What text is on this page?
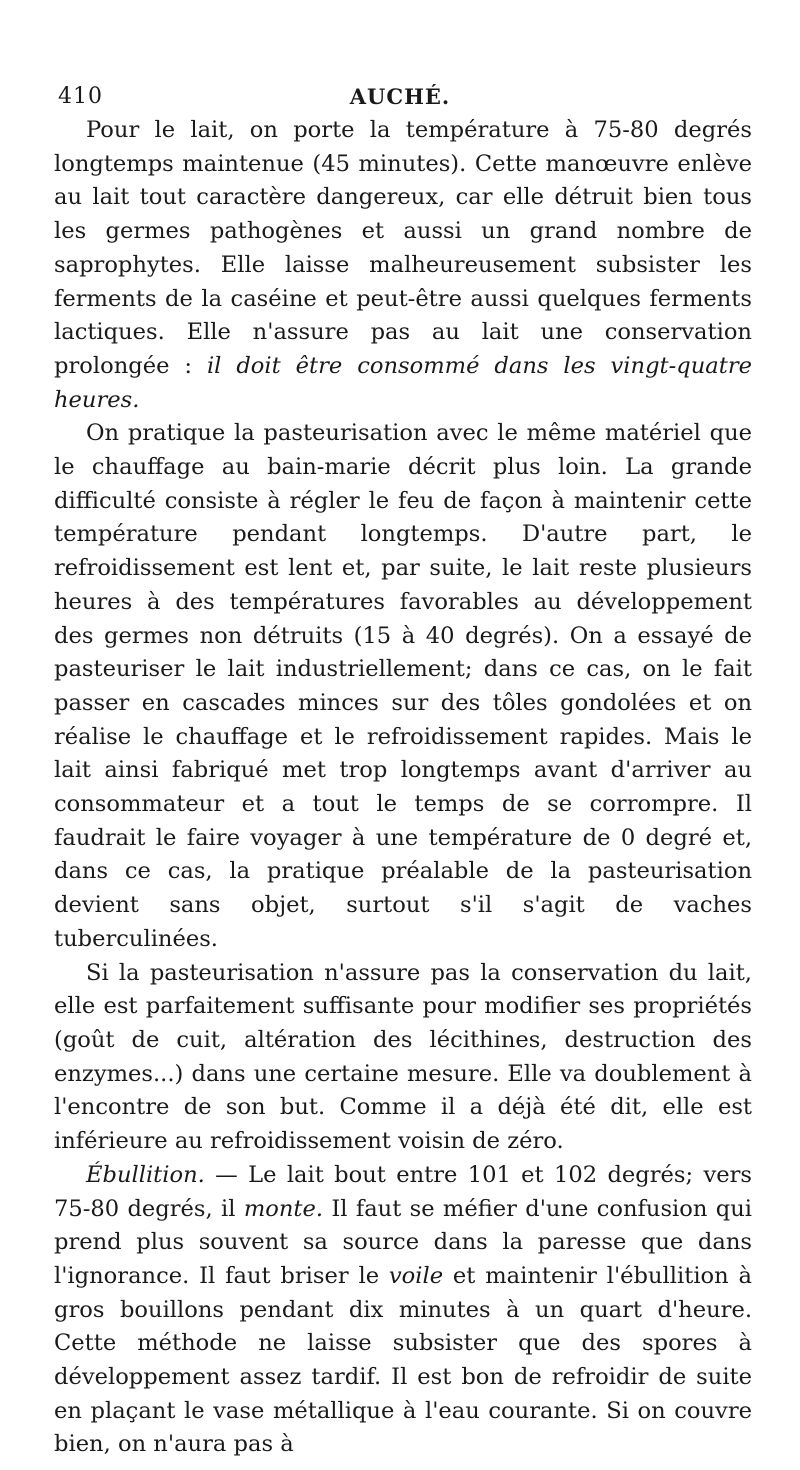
410	AUCHÉ.

Pour le lait, on porte la température à 75-80 degrés longtemps maintenue (45 minutes). Cette manœuvre enlève au lait tout caractère dangereux, car elle détruit bien tous les germes pathogènes et aussi un grand nombre de saprophytes. Elle laisse malheureusement subsister les ferments de la caséine et peut-être aussi quelques ferments lactiques. Elle n'assure pas au lait une conservation prolongée : il doit être consommé dans les vingt-quatre heures.

On pratique la pasteurisation avec le même matériel que le chauffage au bain-marie décrit plus loin. La grande difficulté consiste à régler le feu de façon à maintenir cette température pendant longtemps. D'autre part, le refroidissement est lent et, par suite, le lait reste plusieurs heures à des températures favorables au développement des germes non détruits (15 à 40 degrés). On a essayé de pasteuriser le lait industriellement; dans ce cas, on le fait passer en cascades minces sur des tôles gondolées et on réalise le chauffage et le refroidissement rapides. Mais le lait ainsi fabriqué met trop longtemps avant d'arriver au consommateur et a tout le temps de se corrompre. Il faudrait le faire voyager à une température de 0 degré et, dans ce cas, la pratique préalable de la pasteurisation devient sans objet, surtout s'il s'agit de vaches tuberculinées.

Si la pasteurisation n'assure pas la conservation du lait, elle est parfaitement suffisante pour modifier ses propriétés (goût de cuit, altération des lécithines, destruction des enzymes...) dans une certaine mesure. Elle va doublement à l'encontre de son but. Comme il a déjà été dit, elle est inférieure au refroidissement voisin de zéro.

Ébullition. — Le lait bout entre 101 et 102 degrés; vers 75-80 degrés, il monte. Il faut se méfier d'une confusion qui prend plus souvent sa source dans la paresse que dans l'ignorance. Il faut briser le voile et maintenir l'ébullition à gros bouillons pendant dix minutes à un quart d'heure. Cette méthode ne laisse subsister que des spores à développement assez tardif. Il est bon de refroidir de suite en plaçant le vase métallique à l'eau courante. Si on couvre bien, on n'aura pas à
